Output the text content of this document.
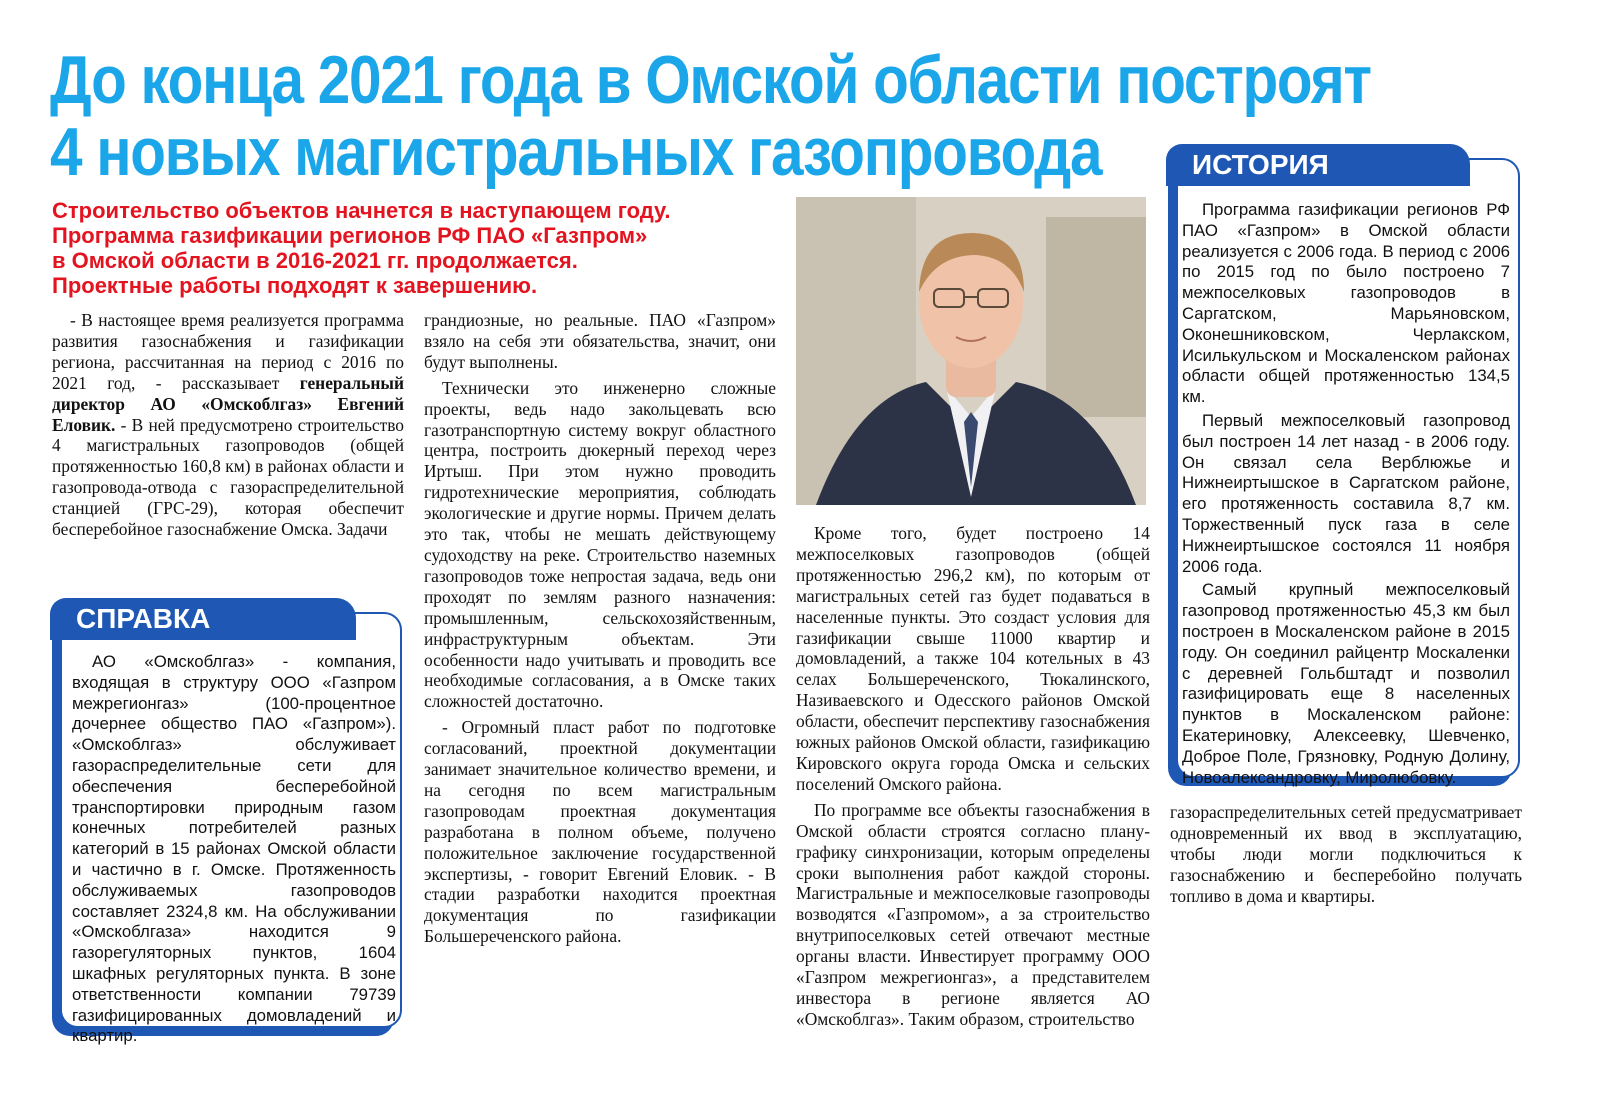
До конца 2021 года в Омской области построят
4 новых магистральных газопровода
Строительство объектов начнется в наступающем году.
Программа газификации регионов РФ ПАО «Газпром»
в Омской области в 2016-2021 гг. продолжается.
Проектные работы подходят к завершению.

- В настоящее время реализуется программа развития газоснабжения и газификации региона, рассчитанная на период с 2016 по 2021 год, - рассказывает генеральный директор АО «Омскоблгаз» Евгений Еловик. - В ней предусмотрено строительство 4 магистральных газопроводов (общей протяженностью 160,8 км) в районах области и газопровода-отвода с газораспределительной станцией (ГРС-29), которая обеспечит бесперебойное газоснабжение Омска. Задачи

СПРАВКА

АО «Омскоблгаз» - компания, входящая в структуру ООО «Газпром межрегионгаз» (100-процентное дочернее общество ПАО «Газпром»). «Омскоблгаз» обслуживает газораспределительные сети для обеспечения бесперебойной транспортировки природным газом конечных потребителей разных категорий в 15 районах Омской области и частично в г. Омске. Протяженность обслуживаемых газопроводов составляет 2324,8 км. На обслуживании «Омскоблгаза» находится 9 газорегуляторных пунктов, 1604 шкафных регуляторных пункта. В зоне ответственности компании 79739 газифицированных домовладений и квартир.

грандиозные, но реальные. ПАО «Газпром» взяло на себя эти обязательства, значит, они будут выполнены.

Технически это инженерно сложные проекты, ведь надо закольцевать всю газотранспортную систему вокруг областного центра, построить дюкерный переход через Иртыш. При этом нужно проводить гидротехнические мероприятия, соблюдать экологические и другие нормы. Причем делать это так, чтобы не мешать действующему судоходству на реке. Строительство наземных газопроводов тоже непростая задача, ведь они проходят по землям разного назначения: промышленным, сельскохозяйственным, инфраструктурным объектам. Эти особенности надо учитывать и проводить все необходимые согласования, а в Омске таких сложностей достаточно.

- Огромный пласт работ по подготовке согласований, проектной документации занимает значительное количество времени, и на сегодня по всем магистральным газопроводам проектная документация разработана в полном объеме, получено положительное заключение государственной экспертизы, - говорит Евгений Еловик. - В стадии разработки находится проектная документация по газификации Большереченского района.

Кроме того, будет построено 14 межпоселковых газопроводов (общей протяженностью 296,2 км), по которым от магистральных сетей газ будет подаваться в населенные пункты. Это создаст условия для газификации свыше 11000 квартир и домовладений, а также 104 котельных в 43 селах Большереченского, Тюкалинского, Називаевского и Одесского районов Омской области, обеспечит перспективу газоснабжения южных районов Омской области, газификацию Кировского округа города Омска и сельских поселений Омского района.

По программе все объекты газоснабжения в Омской области строятся согласно плану-графику синхронизации, которым определены сроки выполнения работ каждой стороны. Магистральные и межпоселковые газопроводы возводятся «Газпромом», а за строительство внутрипоселковых сетей отвечают местные органы власти. Инвестирует программу ООО «Газпром межрегионгаз», а представителем инвестора в регионе является АО «Омскоблгаз». Таким образом, строительство

ИСТОРИЯ

Программа газификации регионов РФ ПАО «Газпром» в Омской области реализуется с 2006 года. В период с 2006 по 2015 год по было построено 7 межпоселковых газопроводов в Саргатском, Марьяновском, Оконешниковском, Черлакском, Исилькульском и Москаленском районах области общей протяженностью 134,5 км.

Первый межпоселковый газопровод был построен 14 лет назад - в 2006 году. Он связал села Верблюжье и Нижнеиртышское в Саргатском районе, его протяженность составила 8,7 км. Торжественный пуск газа в селе Нижнеиртышское состоялся 11 ноября 2006 года.

Самый крупный межпоселковый газопровод протяженностью 45,3 км был построен в Москаленском районе в 2015 году. Он соединил райцентр Москаленки с деревней Гольбштадт и позволил газифицировать еще 8 населенных пунктов в Москаленском районе: Екатериновку, Алексеевку, Шевченко, Доброе Поле, Грязновку, Родную Долину, Новоалександровку, Миролюбовку.

газораспределительных сетей предусматривает одновременный их ввод в эксплуатацию, чтобы люди могли подключиться к газоснабжению и бесперебойно получать топливо в дома и квартиры.
